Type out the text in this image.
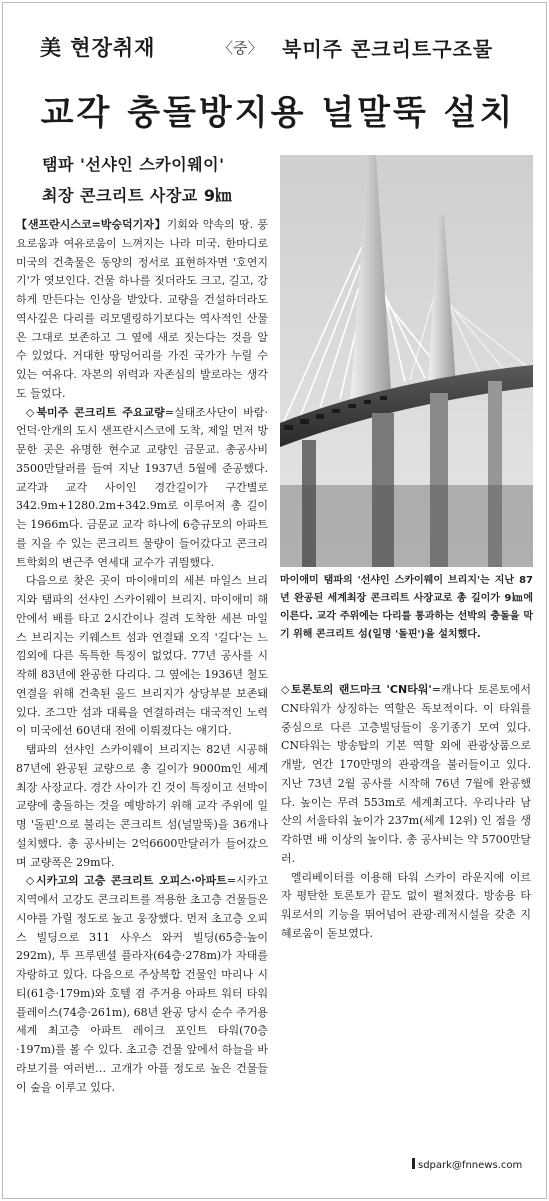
美 현장취재	〈중〉 북미주 콘크리트구조물
교각 충돌방지용 널말뚝 설치
탬파 '선샤인 스카이웨이'
최장 콘크리트 사장교 9㎞
마이애미 탬파의 '선샤인 스카이웨이 브리지'는 지난 87년 완공된 세계최장 콘크리트 사장교로 총 길이가 9㎞에 이른다. 교각 주위에는 다리를 통과하는 선박의 충돌을 막기 위해 콘크리트 섬(일명 '돌핀')을 설치했다.

【샌프란시스코=박승덕기자】기회와 약속의 땅. 풍요로움과 여유로움이 느껴지는 나라 미국. 한마디로 미국의 건축물은 동양의 정서로 표현하자면 '호연지기'가 엿보인다. 건물 하나를 짓더라도 크고, 길고, 강하게 만든다는 인상을 받았다. 교량을 건설하더라도 역사깊은 다리를 리모델링하기보다는 역사적인 산물은 그대로 보존하고 그 옆에 새로 짓는다는 것을 알 수 있었다. 거대한 땅덩어리를 가진 국가가 누릴 수 있는 여유다. 자본의 위력과 자존심의 발로라는 생각도 들었다.

◇북미주 콘크리트 주요교량=실태조사단이 바람·언덕·안개의 도시 샌프란시스코에 도착, 제일 먼저 방문한 곳은 유명한 현수교 교량인 금문교. 총공사비 3500만달러를 들여 지난 1937년 5월에 준공했다. 교각과 교각 사이인 경간길이가 구간별로 342.9m+1280.2m+342.9m로 이루어져 총 길이는 1966m다. 금문교 교각 하나에 6층규모의 아파트를 지을 수 있는 콘크리트 물량이 들어갔다고 콘크리트학회의 변근주 연세대 교수가 귀띔했다.

다음으로 찾은 곳이 마이애미의 세븐 마일스 브리지와 탬파의 선샤인 스카이웨이 브리지. 마이애미 해안에서 배를 타고 2시간이나 걸려 도착한 세븐 마일스 브리지는 키웨스트 섬과 연결돼 오직 '길다'는 느낌외에 다른 독특한 특징이 없었다. 77년 공사를 시작해 83년에 완공한 다리다. 그 옆에는 1936년 철도 연결을 위해 건축된 올드 브리지가 상당부분 보존돼 있다. 조그만 섬과 대륙을 연결하려는 대국적인 노력이 미국에선 60년대 전에 이뤄졌다는 얘기다.

탬파의 선샤인 스카이웨이 브리지는 82년 시공해 87년에 완공된 교량으로 총 길이가 9000m인 세계 최장 사장교다. 경간 사이가 긴 것이 특징이고 선박이 교량에 충돌하는 것을 예방하기 위해 교각 주위에 일명 '돌핀'으로 불리는 콘크리트 섬(널말뚝)을 36개나 설치했다. 총 공사비는 2억6600만달러가 들어갔으며 교량폭은 29m다.

◇시카고의 고층 콘크리트 오피스·아파트=시카고 지역에서 고강도 콘크리트를 적용한 초고층 건물들은 시야를 가릴 정도로 높고 웅장했다. 먼저 초고층 오피스 빌딩으로 311 사우스 와커 빌딩(65층·높이 292m), 투 프루덴셜 플라자(64층·278m)가 자태를 자랑하고 있다. 다음으로 주상복합 건물인 마리나 시티(61층·179m)와 호텔 겸 주거용 아파트 워터 타워 플레이스(74층·261m), 68년 완공 당시 순수 주거용 세계 최고층 아파트 레이크 포인트 타워(70층·197m)를 볼 수 있다. 초고층 건물 앞에서 하늘을 바라보기를 여러번… 고개가 아플 정도로 높은 건물들이 숲을 이루고 있다.

◇토론토의 랜드마크 'CN타워'=캐나다 토론토에서 CN타워가 상징하는 역할은 독보적이다. 이 타워를 중심으로 다른 고층빌딩들이 옹기종기 모여 있다. CN타워는 방송탑의 기본 역할 외에 관광상품으로 개발, 연간 170만명의 관광객을 불러들이고 있다. 지난 73년 2월 공사를 시작해 76년 7월에 완공했다. 높이는 무려 553m로 세계최고다. 우리나라 남산의 서울타워 높이가 237m(세계 12위) 인 점을 생각하면 배 이상의 높이다. 총 공사비는 약 5700만달러.

엘리베이터를 이용해 타워 스카이 라운지에 이르자 평탄한 토론토가 끝도 없이 펼쳐졌다. 방송용 타워로서의 기능을 뛰어넘어 관광·레저시설을 갖춘 지혜로움이 돋보였다.

sdpark@fnnews.com
